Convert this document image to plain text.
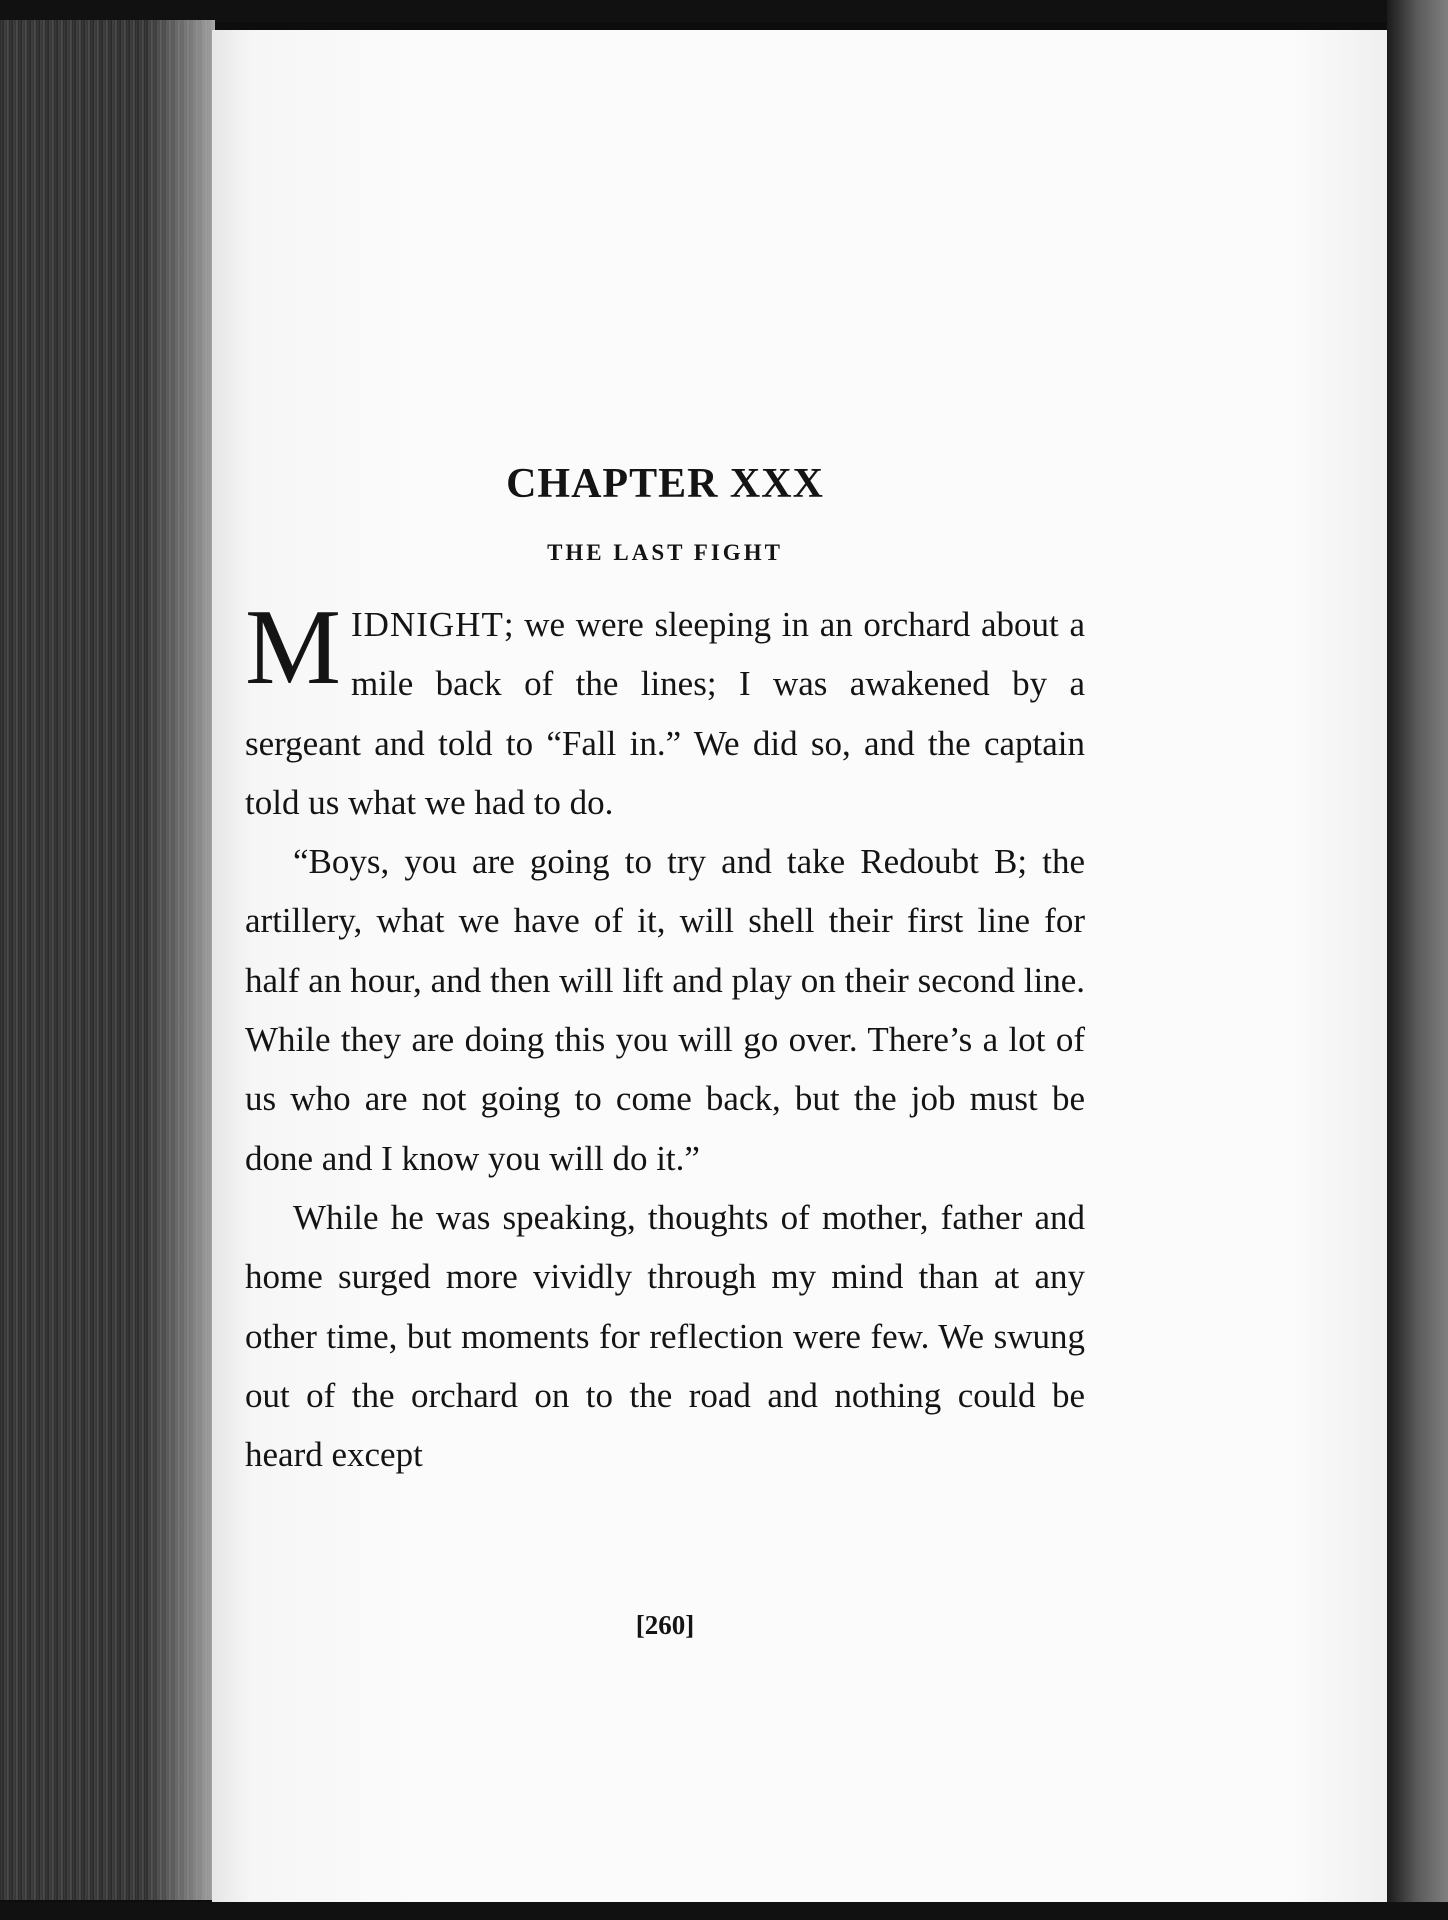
CHAPTER XXX
THE LAST FIGHT

MIDNIGHT; we were sleeping in an orchard about a mile back of the lines; I was awakened by a sergeant and told to “Fall in.” We did so, and the captain told us what we had to do.

“Boys, you are going to try and take Redoubt B; the artillery, what we have of it, will shell their first line for half an hour, and then will lift and play on their second line. While they are doing this you will go over. There’s a lot of us who are not going to come back, but the job must be done and I know you will do it.”

While he was speaking, thoughts of mother, father and home surged more vividly through my mind than at any other time, but moments for reflection were few. We swung out of the orchard on to the road and nothing could be heard except

[260]
